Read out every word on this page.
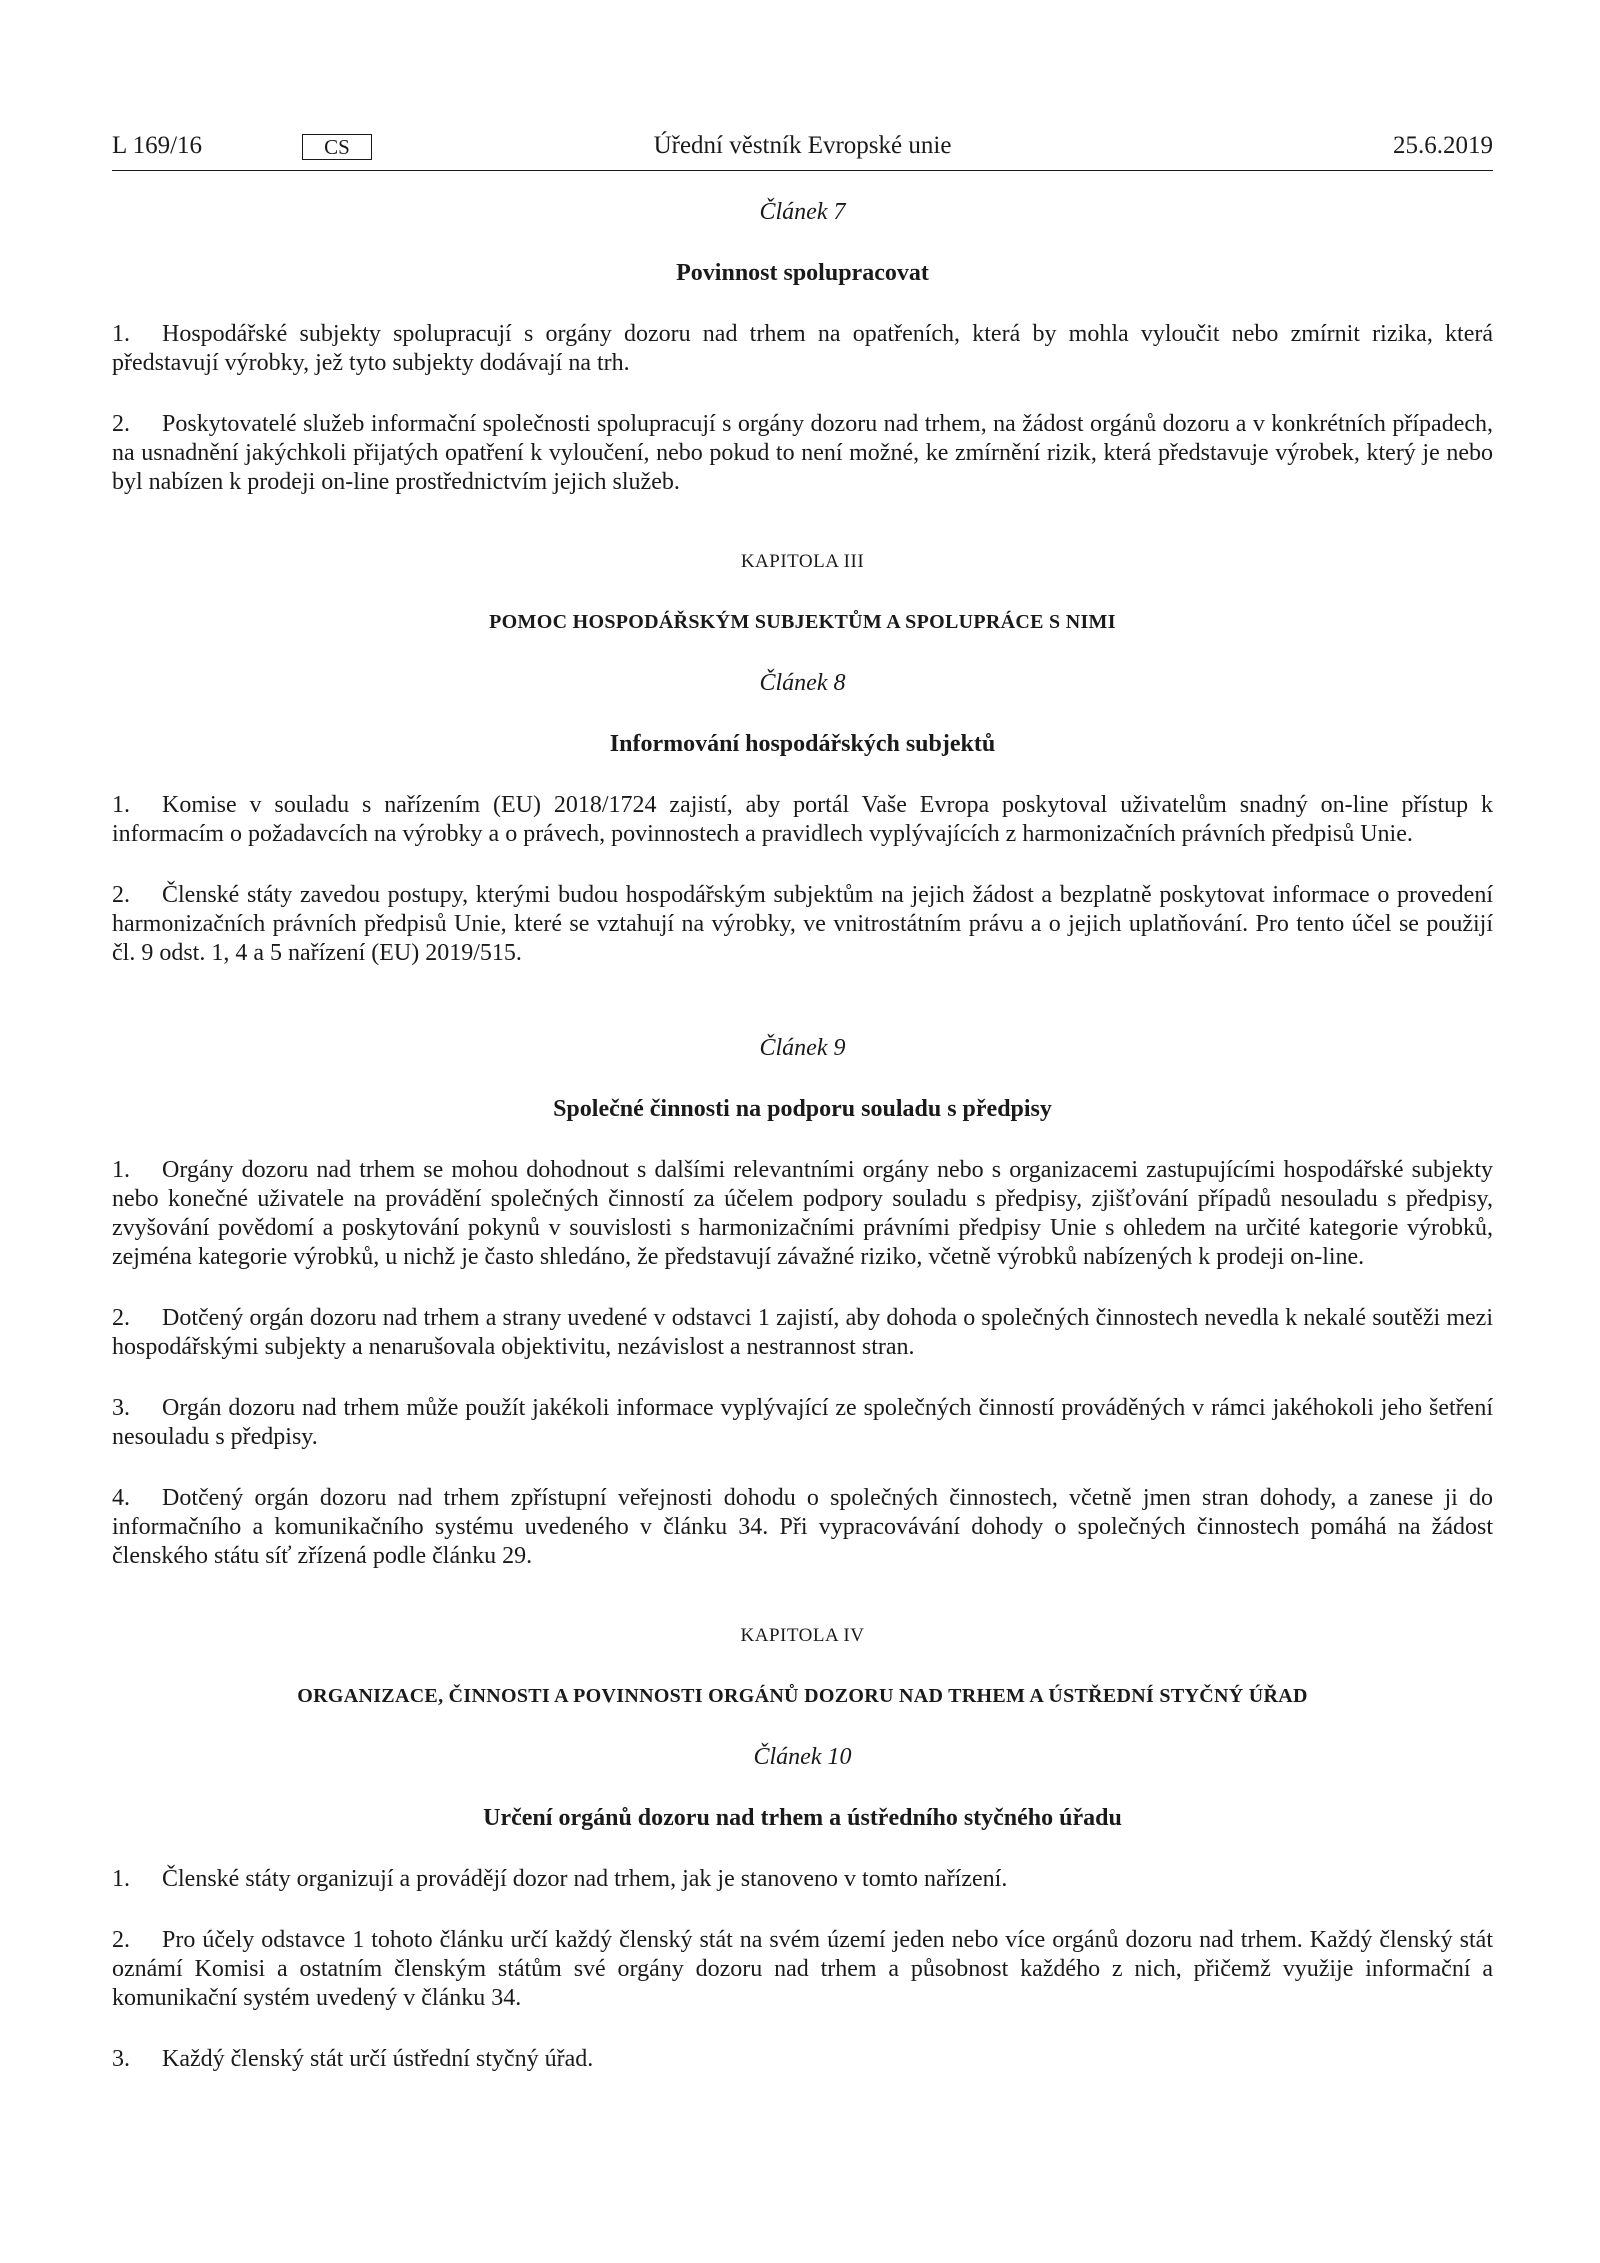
L 169/16	CS	Úřední věstník Evropské unie	25.6.2019

Článek 7

Povinnost spolupracovat

1. Hospodářské subjekty spolupracují s orgány dozoru nad trhem na opatřeních, která by mohla vyloučit nebo zmírnit rizika, která představují výrobky, jež tyto subjekty dodávají na trh.

2. Poskytovatelé služeb informační společnosti spolupracují s orgány dozoru nad trhem, na žádost orgánů dozoru a v konkrétních případech, na usnadnění jakýchkoli přijatých opatření k vyloučení, nebo pokud to není možné, ke zmírnění rizik, která představuje výrobek, který je nebo byl nabízen k prodeji on-line prostřednictvím jejich služeb.

KAPITOLA III

POMOC HOSPODÁŘSKÝM SUBJEKTŮM A SPOLUPRÁCE S NIMI

Článek 8

Informování hospodářských subjektů

1. Komise v souladu s nařízením (EU) 2018/1724 zajistí, aby portál Vaše Evropa poskytoval uživatelům snadný on-line přístup k informacím o požadavcích na výrobky a o právech, povinnostech a pravidlech vyplývajících z harmonizačních právních předpisů Unie.

2. Členské státy zavedou postupy, kterými budou hospodářským subjektům na jejich žádost a bezplatně poskytovat informace o provedení harmonizačních právních předpisů Unie, které se vztahují na výrobky, ve vnitrostátním právu a o jejich uplatňování. Pro tento účel se použijí čl. 9 odst. 1, 4 a 5 nařízení (EU) 2019/515.

Článek 9

Společné činnosti na podporu souladu s předpisy

1. Orgány dozoru nad trhem se mohou dohodnout s dalšími relevantními orgány nebo s organizacemi zastupujícími hospodářské subjekty nebo konečné uživatele na provádění společných činností za účelem podpory souladu s předpisy, zjišťování případů nesouladu s předpisy, zvyšování povědomí a poskytování pokynů v souvislosti s harmonizačními právními předpisy Unie s ohledem na určité kategorie výrobků, zejména kategorie výrobků, u nichž je často shledáno, že představují závažné riziko, včetně výrobků nabízených k prodeji on-line.

2. Dotčený orgán dozoru nad trhem a strany uvedené v odstavci 1 zajistí, aby dohoda o společných činnostech nevedla k nekalé soutěži mezi hospodářskými subjekty a nenarušovala objektivitu, nezávislost a nestrannost stran.

3. Orgán dozoru nad trhem může použít jakékoli informace vyplývající ze společných činností prováděných v rámci jakéhokoli jeho šetření nesouladu s předpisy.

4. Dotčený orgán dozoru nad trhem zpřístupní veřejnosti dohodu o společných činnostech, včetně jmen stran dohody, a zanese ji do informačního a komunikačního systému uvedeného v článku 34. Při vypracovávání dohody o společných činnostech pomáhá na žádost členského státu síť zřízená podle článku 29.

KAPITOLA IV

ORGANIZACE, ČINNOSTI A POVINNOSTI ORGÁNŮ DOZORU NAD TRHEM A ÚSTŘEDNÍ STYČNÝ ÚŘAD

Článek 10

Určení orgánů dozoru nad trhem a ústředního styčného úřadu

1. Členské státy organizují a provádějí dozor nad trhem, jak je stanoveno v tomto nařízení.

2. Pro účely odstavce 1 tohoto článku určí každý členský stát na svém území jeden nebo více orgánů dozoru nad trhem. Každý členský stát oznámí Komisi a ostatním členským státům své orgány dozoru nad trhem a působnost každého z nich, přičemž využije informační a komunikační systém uvedený v článku 34.

3. Každý členský stát určí ústřední styčný úřad.
